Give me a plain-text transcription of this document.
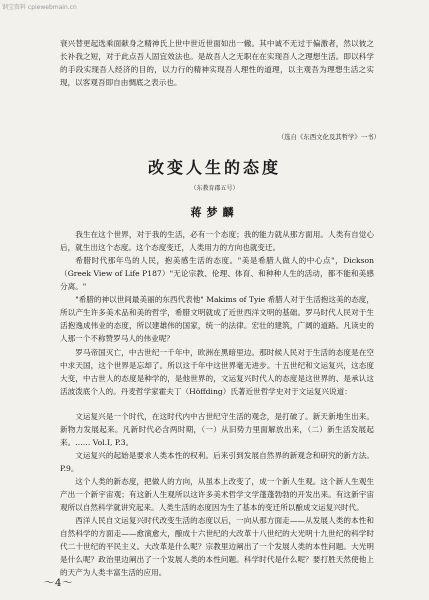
钢宝资料 cpiewebmain.cn

衰兴替更起选乘面献身之精神氏上世中世近世面如出一辙。其中诚不无过于偏激者，然以彼之长补我之短，对于此点吾人固宜效法也。是故吾人之无职在在实现吾人之理想生活。即以科学的手段实现吾人经济的目的，以力行的精神实现吾人理性的道理，以主观吾为理想生活之实现，以客观吾即自由惆底之表示也。

（选自《东西文化及其哲学》一书）
改变人生的态度
（东教育郡五号）
蒋梦麟

我生在这个世界，对于我的生活，必有一个态度；我的能力就从那方面用。人类有自觉心后，就生出这个态度。这个态度变迁，人类用力的方向也就变迁。

希腊时代那年鸟的人民，抱美感生活的态度。"美是希腊人做人的中心点"，Dickson（Greek View of Life P187）"无论宗教、伦理、体育、和种种人生的活动，都不能和美感分离。"

"希腊的神以世间最美丽的东西代表他" Makims of Tyie 希腊人对于生活抱这美的态度，所以产生许多美术品和美的哲学，希腊文明就成了近世西洋文明的基础。罗马时代人民对于生活抱逸成伟业的态度，所以建雄伟的国家，统一的法律。宏壮的建筑，广阔的道路。凡读史的人那一个不称赞罗马人的伟业呢？

罗马帝国灭亡，中古世纪一千年中，欧洲在黑暗里边。那时候人民对于生活的态度是在空中求天国，这个世界是忘却了。所以这千年中这世界毫无进步。十五世纪和文运复兴，这态度大变，中古世人的态度是种学的，是他世界的，文运复兴时代人的态度是这世界的、是承认这活波泼底个人的。丹麦哲学家霍夫丁（Höffding）氏著近世哲学史对于文运复兴说道：

文运复兴是一个时代，在这时代内中古世纪守生活的观念，是打破了。新天新地生出来。新物力发展起来。凡新时代必含两时期，（一）从旧势力里面解放出来，（二）新生活发展起来。…… Vol.I, P.3。

文运复兴的起始是要求人类本性的权利。后来引到发展自然界的新观念和研究的新方法。P.9。

这个人类的新态度，把做人的方向，从虽本上改变了，成一个新人生观。这个新人生观生产出一个新宇宙观；有这新人生观所以这许多美术哲学文学蓬蓬勃勃的开发出来。有这新宇宙观所以自然科学就讲究起来。人类生活的态度因为生了基本的变迁所以酿成文运复兴时代。

西洋人民自文运复兴时代改变生活的态度以后，一向从那方面走——从发展人类的本性和自然科学的方面走——愈演愈大，酿成十六世纪的大改革十八世纪的大光明十九世纪的科学时代二十世纪的平民主义。大改革是什么呢？宗教里边阐出了一个发展人类的本性问题。大光明是什么呢？政治里边阐出了一个发展人类的本性问题。科学时代是什么呢？要打胜天然使他上的天产为人类丰富生活的应用。

～4～
